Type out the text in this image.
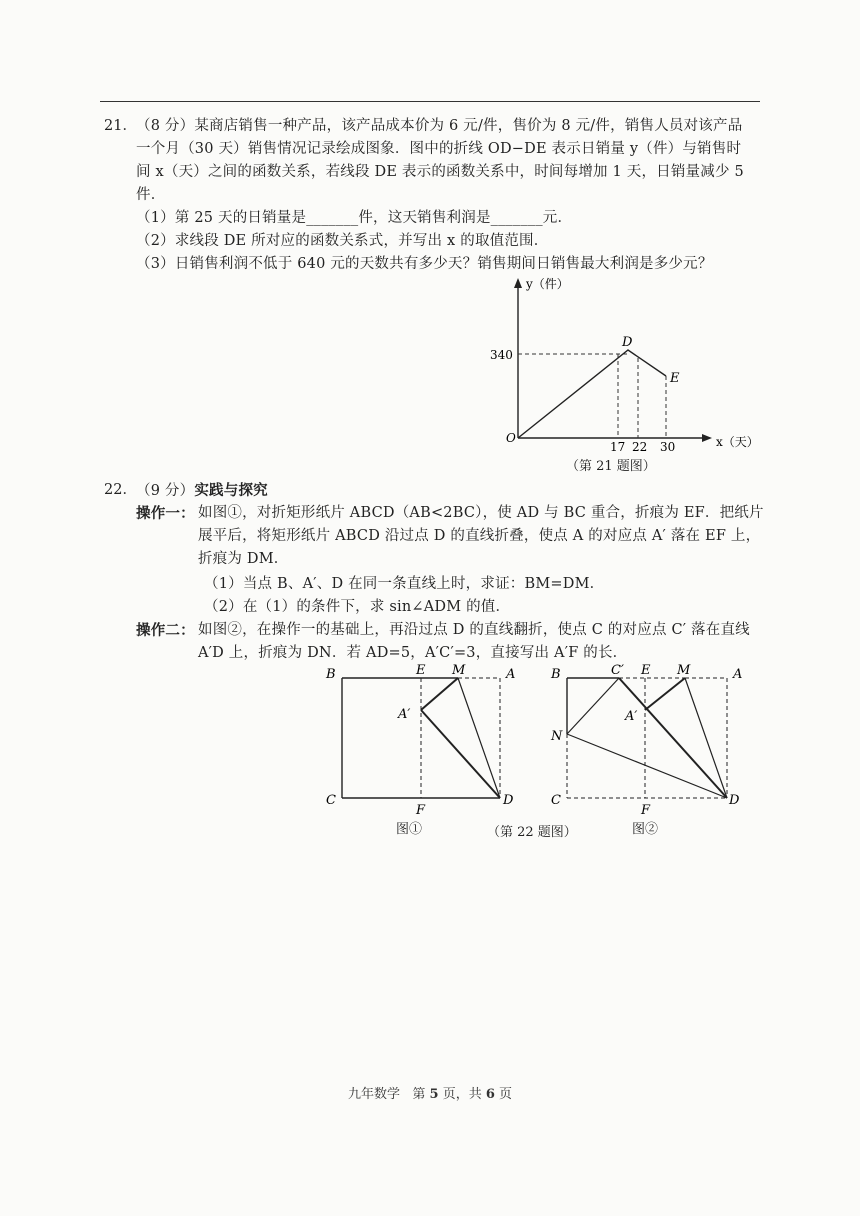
21． （8 分）某商店销售一种产品，该产品成本价为 6 元/件，售价为 8 元/件，销售人员对该产品
一个月（30 天）销售情况记录绘成图象．图中的折线 OD−DE 表示日销量 y（件）与销售时
间 x（天）之间的函数关系，若线段 DE 表示的函数关系中，时间每增加 1 天，日销量减少 5
件．
（1）第 25 天的日销量是_______件，这天销售利润是_______元．
（2）求线段 DE 所对应的函数关系式，并写出 x 的取值范围．
（3）日销售利润不低于 640 元的天数共有多少天？销售期间日销售最大利润是多少元？
y（件）
x（天）
O
340
17 22 30
D
E
（第 21 题图）
22． （9 分）实践与探究
操作一： 如图①，对折矩形纸片 ABCD（AB<2BC），使 AD 与 BC 重合，折痕为 EF．把纸片
展平后，将矩形纸片 ABCD 沿过点 D 的直线折叠，使点 A 的对应点 A′ 落在 EF 上，
折痕为 DM．
（1）当点 B、A′、D 在同一条直线上时，求证：BM=DM．
（2）在（1）的条件下，求 sin∠ADM 的值．
操作二： 如图②，在操作一的基础上，再沿过点 D 的直线翻折，使点 C 的对应点 C′ 落在直线
A′D 上，折痕为 DN．若 AD=5，A′C′=3，直接写出 A′F 的长．
B	E M	A
A′
C
F
D
B	C′ E M	A
A′
N
C
F
D
图①	（第 22 题图）	图②
九年数学 第 5 页，共 6 页
